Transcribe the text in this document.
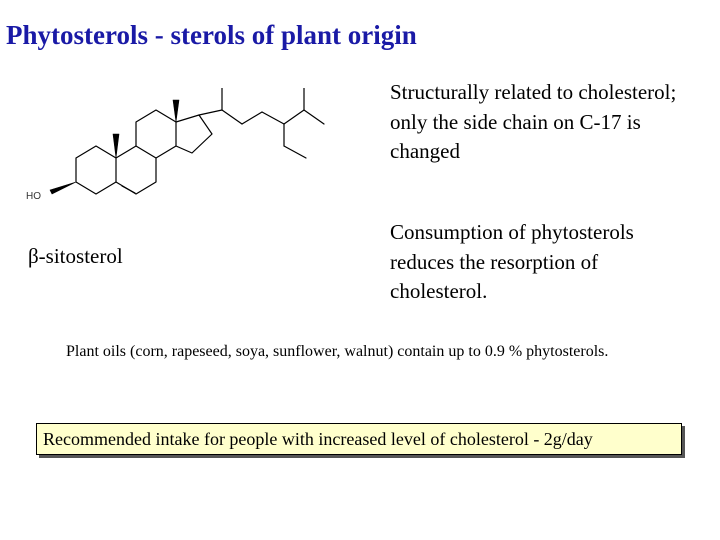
Phytosterols - sterols of plant origin
HO
β-sitosterol
Structurally related to cholesterol; only the side chain on C-17 is changed
Consumption of phytosterols reduces the resorption of cholesterol.
Plant oils (corn, rapeseed, soya, sunflower, walnut) contain up to 0.9 % phytosterols.
Recommended intake for people with increased level of cholesterol - 2g/day
